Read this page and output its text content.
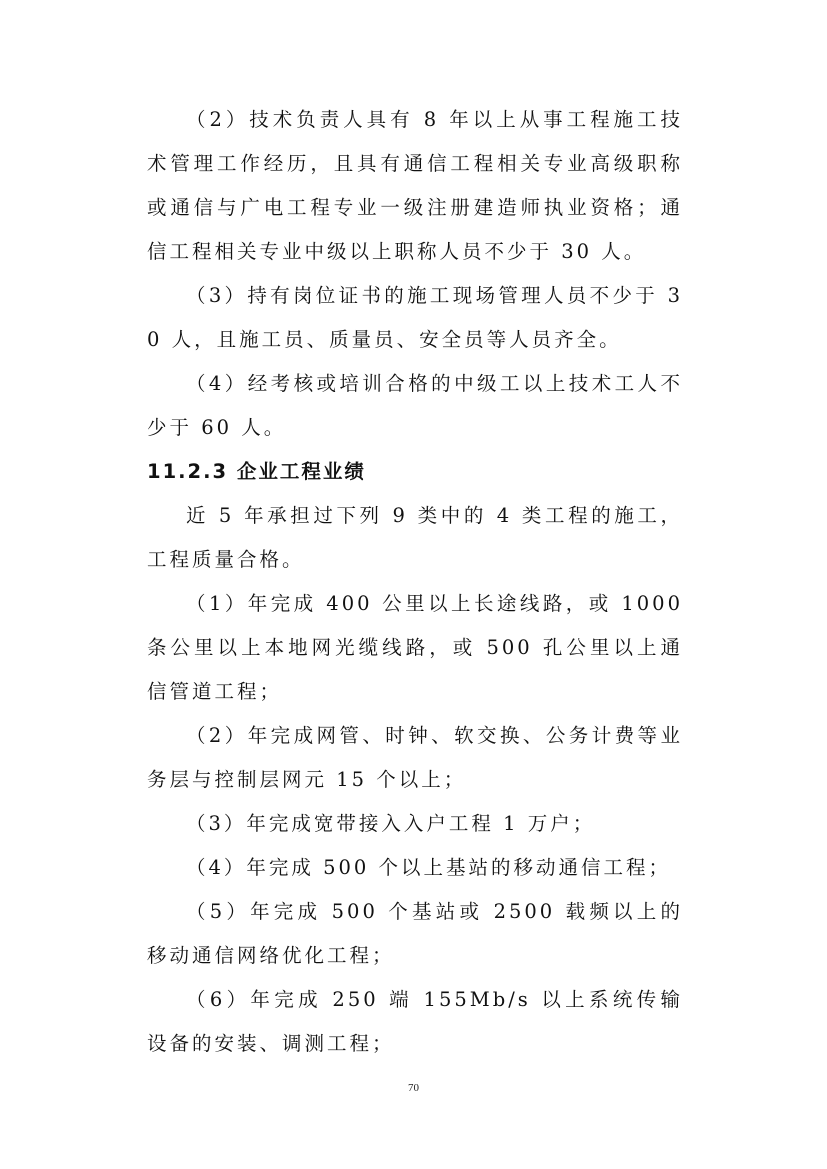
（2）技术负责人具有 8 年以上从事工程施工技术管理工作经历，且具有通信工程相关专业高级职称或通信与广电工程专业一级注册建造师执业资格；通信工程相关专业中级以上职称人员不少于 30 人。

（3）持有岗位证书的施工现场管理人员不少于 30 人，且施工员、质量员、安全员等人员齐全。

（4）经考核或培训合格的中级工以上技术工人不少于 60 人。

11.2.3 企业工程业绩

近 5 年承担过下列 9 类中的 4 类工程的施工，工程质量合格。

（1）年完成 400 公里以上长途线路，或 1000 条公里以上本地网光缆线路，或 500 孔公里以上通信管道工程；

（2）年完成网管、时钟、软交换、公务计费等业务层与控制层网元 15 个以上；

（3）年完成宽带接入入户工程 1 万户；

（4）年完成 500 个以上基站的移动通信工程；

（5）年完成 500 个基站或 2500 载频以上的移动通信网络优化工程；

（6）年完成 250 端 155Mb/s 以上系统传输设备的安装、调测工程；

70
